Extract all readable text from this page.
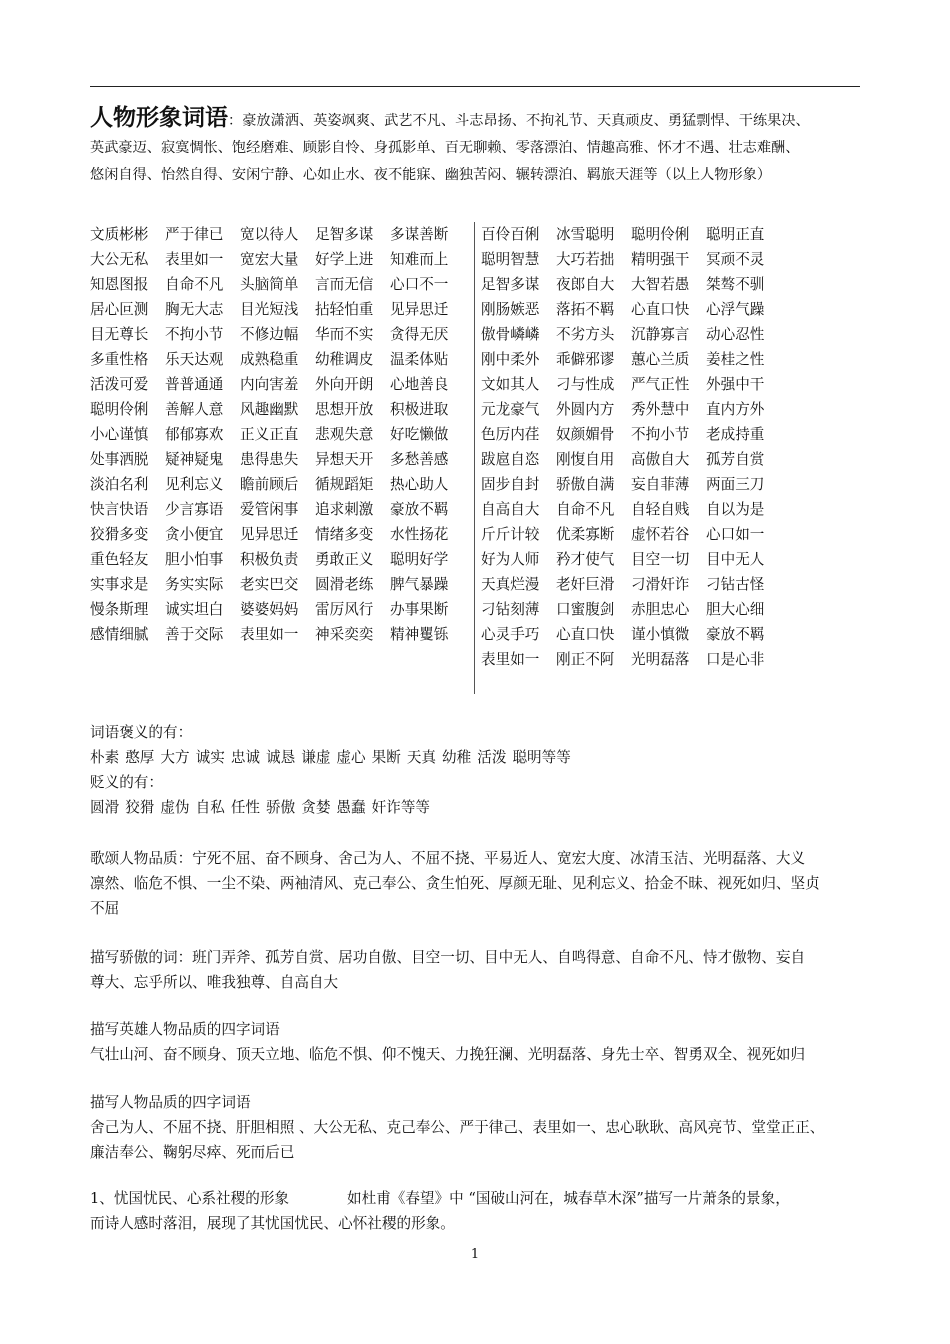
人物形象词语：豪放潇洒、英姿飒爽、武艺不凡、斗志昂扬、不拘礼节、天真顽皮、勇猛剽悍、干练果决、
英武豪迈、寂寞惆怅、饱经磨难、顾影自怜、身孤影单、百无聊赖、零落漂泊、情趣高雅、怀才不遇、壮志难酬、
悠闲自得、怡然自得、安闲宁静、心如止水、夜不能寐、幽独苦闷、辗转漂泊、羁旅天涯等（以上人物形象）
文质彬彬	严于律已	宽以待人	足智多谋	多谋善断
大公无私	表里如一	宽宏大量	好学上进	知难而上
知恩图报	自命不凡	头脑简单	言而无信	心口不一
居心叵测	胸无大志	目光短浅	拈轻怕重	见异思迁
目无尊长	不拘小节	不修边幅	华而不实	贪得无厌
多重性格	乐天达观	成熟稳重	幼稚调皮	温柔体贴
活泼可爱	普普通通	内向害羞	外向开朗	心地善良
聪明伶俐	善解人意	风趣幽默	思想开放	积极进取
小心谨慎	郁郁寡欢	正义正直	悲观失意	好吃懒做
处事洒脱	疑神疑鬼	患得患失	异想天开	多愁善感
淡泊名利	见利忘义	瞻前顾后	循规蹈矩	热心助人
快言快语	少言寡语	爱管闲事	追求刺激	豪放不羁
狡猾多变	贪小便宜	见异思迁	情绪多变	水性扬花
重色轻友	胆小怕事	积极负责	勇敢正义	聪明好学
实事求是	务实实际	老实巴交	圆滑老练	脾气暴躁
慢条斯理	诚实坦白	婆婆妈妈	雷厉风行	办事果断
感情细腻	善于交际	表里如一	神采奕奕	精神矍铄
百伶百俐	冰雪聪明	聪明伶俐	聪明正直
聪明智慧	大巧若拙	精明强干	冥顽不灵
足智多谋	夜郎自大	大智若愚	桀骜不驯
刚肠嫉恶	落拓不羁	心直口快	心浮气躁
傲骨嶙嶙	不劣方头	沉静寡言	动心忍性
刚中柔外	乖僻邪谬	蕙心兰质	姜桂之性
文如其人	刁与性成	严气正性	外强中干
元龙豪气	外圆内方	秀外慧中	直内方外
色厉内荏	奴颜媚骨	不拘小节	老成持重
跋扈自恣	刚愎自用	高傲自大	孤芳自赏
固步自封	骄傲自满	妄自菲薄	两面三刀
自高自大	自命不凡	自轻自贱	自以为是
斤斤计较	优柔寡断	虚怀若谷	心口如一
好为人师	矜才使气	目空一切	目中无人
天真烂漫	老奸巨滑	刁滑奸诈	刁钻古怪
刁钻刻薄	口蜜腹剑	赤胆忠心	胆大心细
心灵手巧	心直口快	谨小慎微	豪放不羁
表里如一	刚正不阿	光明磊落	口是心非
词语褒义的有：
朴素 憨厚 大方 诚实 忠诚 诚恳 谦虚 虚心 果断 天真 幼稚 活泼 聪明等等
贬义的有：
圆滑 狡猾 虚伪 自私 任性 骄傲 贪婪 愚蠢 奸诈等等
歌颂人物品质：宁死不屈、奋不顾身、舍己为人、不屈不挠、平易近人、宽宏大度、冰清玉洁、光明磊落、大义
凛然、临危不惧、一尘不染、两袖清风、克己奉公、贪生怕死、厚颜无耻、见利忘义、拾金不昧、视死如归、坚贞
不屈
描写骄傲的词：班门弄斧、孤芳自赏、居功自傲、目空一切、目中无人、自鸣得意、自命不凡、恃才傲物、妄自
尊大、忘乎所以、唯我独尊、自高自大
描写英雄人物品质的四字词语
气壮山河、奋不顾身、顶天立地、临危不惧、仰不愧天、力挽狂澜、光明磊落、身先士卒、智勇双全、视死如归
描写人物品质的四字词语
舍己为人、不屈不挠、肝胆相照 、大公无私、克己奉公、严于律己、表里如一、忠心耿耿、高风亮节、堂堂正正、
廉洁奉公、鞠躬尽瘁、死而后已
1、忧国忧民、心系社稷的形象	如杜甫《春望》中 “国破山河在，城春草木深”描写一片萧条的景象，
而诗人感时落泪，展现了其忧国忧民、心怀社稷的形象。
1
